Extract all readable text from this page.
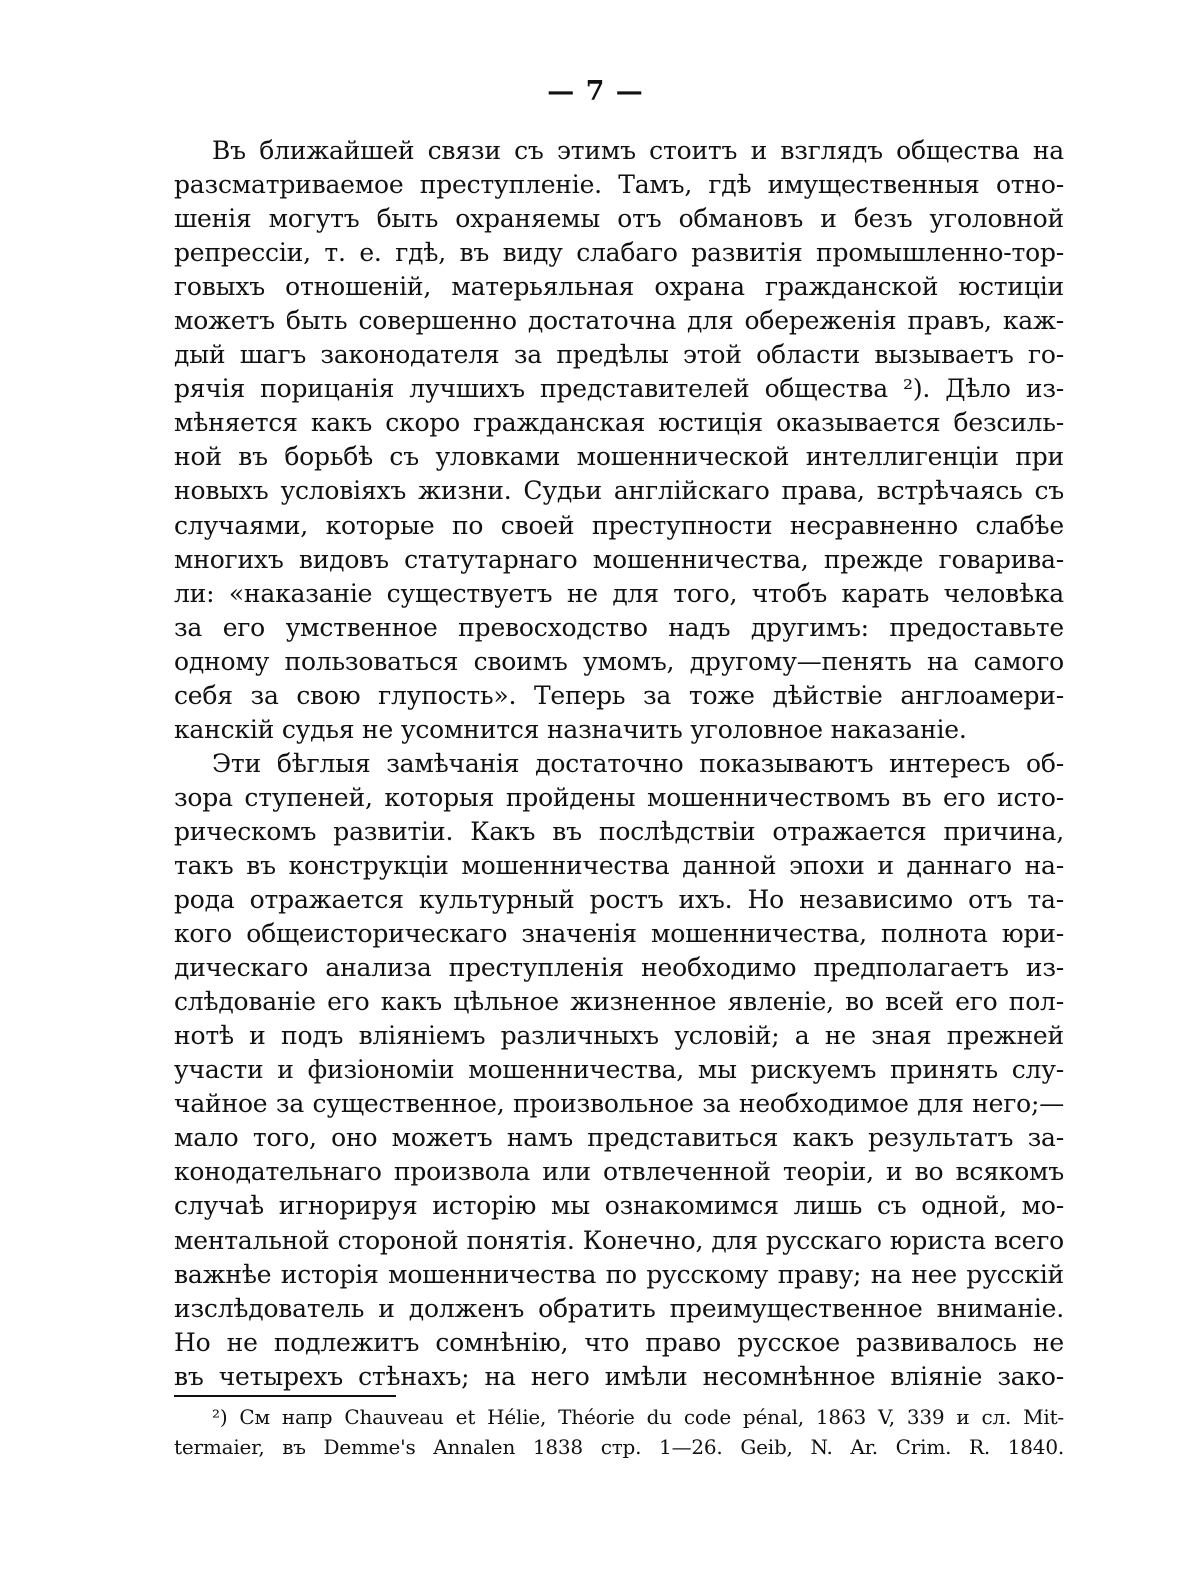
— 7 —
Въ ближайшей связи съ этимъ стоитъ и взглядъ общества на
разсматриваемое преступленіе. Тамъ, гдѣ имущественныя отно-
шенія могутъ быть охраняемы отъ обмановъ и безъ уголовной
репрессіи, т. е. гдѣ, въ виду слабаго развитія промышленно-тор-
говыхъ отношеній, матерьяльная охрана гражданской юстиціи
можетъ быть совершенно достаточна для обереженія правъ, каж-
дый шагъ законодателя за предѣлы этой области вызываетъ го-
рячія порицанія лучшихъ представителей общества ²). Дѣло из-
мѣняется какъ скоро гражданская юстиція оказывается безсиль-
ной въ борьбѣ съ уловками мошеннической интеллигенціи при
новыхъ условіяхъ жизни. Судьи англійскаго права, встрѣчаясь съ
случаями, которые по своей преступности несравненно слабѣе
многихъ видовъ статутарнаго мошенничества, прежде говарива-
ли: «наказаніе существуетъ не для того, чтобъ карать человѣка
за его умственное превосходство надъ другимъ: предоставьте
одному пользоваться своимъ умомъ, другому—пенять на самого
себя за свою глупость». Теперь за тоже дѣйствіе англоамери-
канскій судья не усомнится назначить уголовное наказаніе.
Эти бѣглыя замѣчанія достаточно показываютъ интересъ об-
зора ступеней, которыя пройдены мошенничествомъ въ его исто-
рическомъ развитіи. Какъ въ послѣдствіи отражается причина,
такъ въ конструкціи мошенничества данной эпохи и даннаго на-
рода отражается культурный ростъ ихъ. Но независимо отъ та-
кого общеисторическаго значенія мошенничества, полнота юри-
дическаго анализа преступленія необходимо предполагаетъ из-
слѣдованіе его какъ цѣльное жизненное явленіе, во всей его пол-
нотѣ и подъ вліяніемъ различныхъ условій; а не зная прежней
участи и физіономіи мошенничества, мы рискуемъ принять слу-
чайное за существенное, произвольное за необходимое для него;—
мало того, оно можетъ намъ представиться какъ результатъ за-
конодательнаго произвола или отвлеченной теоріи, и во всякомъ
случаѣ игнорируя исторію мы ознакомимся лишь съ одной, мо-
ментальной стороной понятія. Конечно, для русскаго юриста всего
важнѣе исторія мошенничества по русскому праву; на нее русскій
изслѣдователь и долженъ обратить преимущественное вниманіе.
Но не подлежитъ сомнѣнію, что право русское развивалось не
въ четырехъ стѣнахъ; на него имѣли несомнѣнное вліяніе зако-
²) См напр Chauveau et Hélie, Théorie du code pénal, 1863 V, 339 и сл. Mit-
termaier, въ Demme's Annalen 1838 стр. 1—26. Geib, N. Ar. Crim. R. 1840.
